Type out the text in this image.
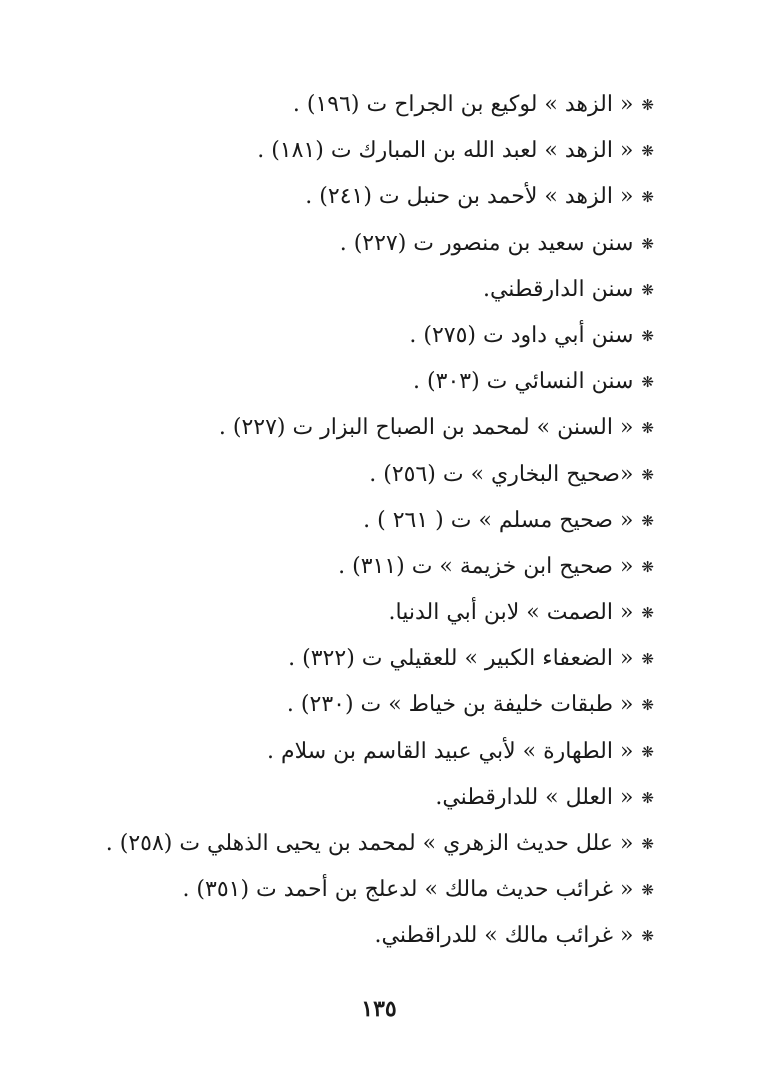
❋« الزهد » لوكيع بن الجراح ت (١٩٦) .
❋« الزهد » لعبد الله بن المبارك ت (١٨١) .
❋« الزهد » لأحمد بن حنبل ت (٢٤١) .
❋سنن سعيد بن منصور ت (٢٢٧) .
❋سنن الدارقطني.
❋سنن أبي داود ت (٢٧٥) .
❋سنن النسائي ت (٣٠٣) .
❋« السنن » لمحمد بن الصباح البزار ت (٢٢٧) .
❋«صحيح البخاري » ت (٢٥٦) .
❋« صحيح مسلم » ت ( ٢٦١ ) .
❋« صحيح ابن خزيمة » ت (٣١١) .
❋« الصمت » لابن أبي الدنيا.
❋« الضعفاء الكبير » للعقيلي ت (٣٢٢) .
❋« طبقات خليفة بن خياط » ت (٢٣٠) .
❋« الطهارة » لأبي عبيد القاسم بن سلام .
❋« العلل » للدارقطني.
❋« علل حديث الزهري » لمحمد بن يحيى الذهلي ت (٢٥٨) .
❋« غرائب حديث مالك » لدعلج بن أحمد ت (٣٥١) .
❋« غرائب مالك » للدراقطني.
١٣٥
